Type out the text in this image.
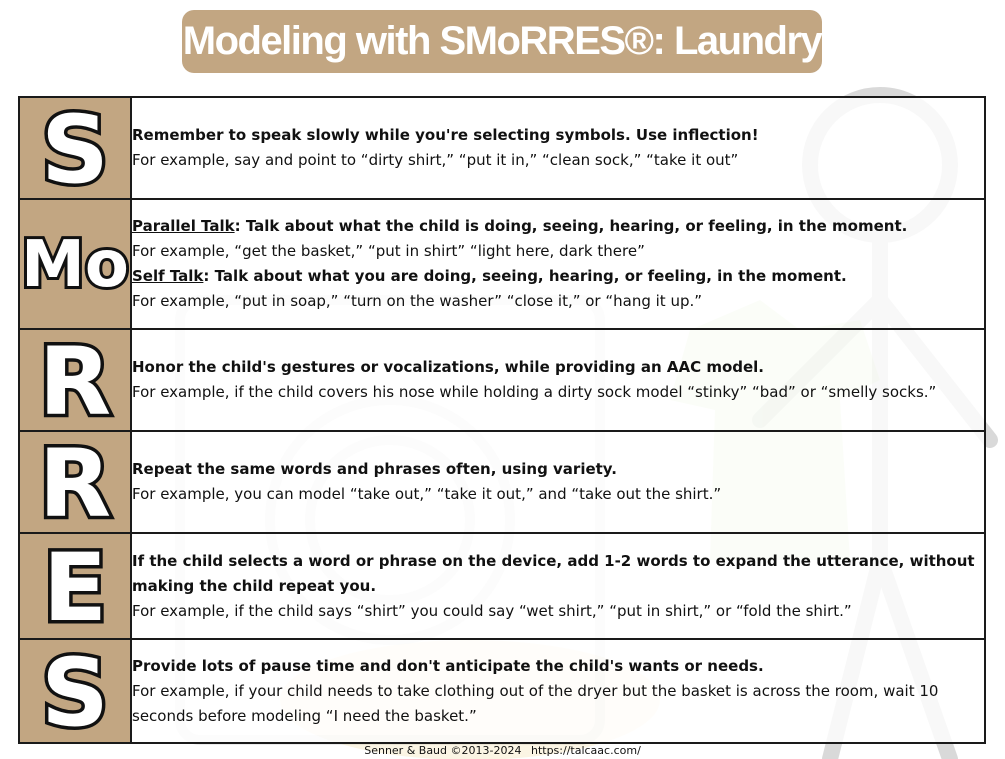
Modeling with SMoRRES®: Laundry
S	Remember to speak slowly while you're selecting symbols. Use inflection!
For example, say and point to “dirty shirt,” “put it in,” “clean sock,” “take it out”

Mo	Parallel Talk: Talk about what the child is doing, seeing, hearing, or feeling, in the moment.
For example, “get the basket,” “put in shirt” “light here, dark there”
Self Talk: Talk about what you are doing, seeing, hearing, or feeling, in the moment.
For example, “put in soap,” “turn on the washer” “close it,” or “hang it up.”

R	Honor the child's gestures or vocalizations, while providing an AAC model.
For example, if the child covers his nose while holding a dirty sock model “stinky” “bad” or “smelly socks.”

R	Repeat the same words and phrases often, using variety.
For example, you can model “take out,” “take it out,” and “take out the shirt.”

E	If the child selects a word or phrase on the device, add 1-2 words to expand the utterance, without making the child repeat you.
For example, if the child says “shirt” you could say “wet shirt,” “put in shirt,” or “fold the shirt.”

S	Provide lots of pause time and don't anticipate the child's wants or needs.
For example, if your child needs to take clothing out of the dryer but the basket is across the room, wait 10 seconds before modeling “I need the basket.”
Senner & Baud ©2013-2024 https://talcaac.com/
